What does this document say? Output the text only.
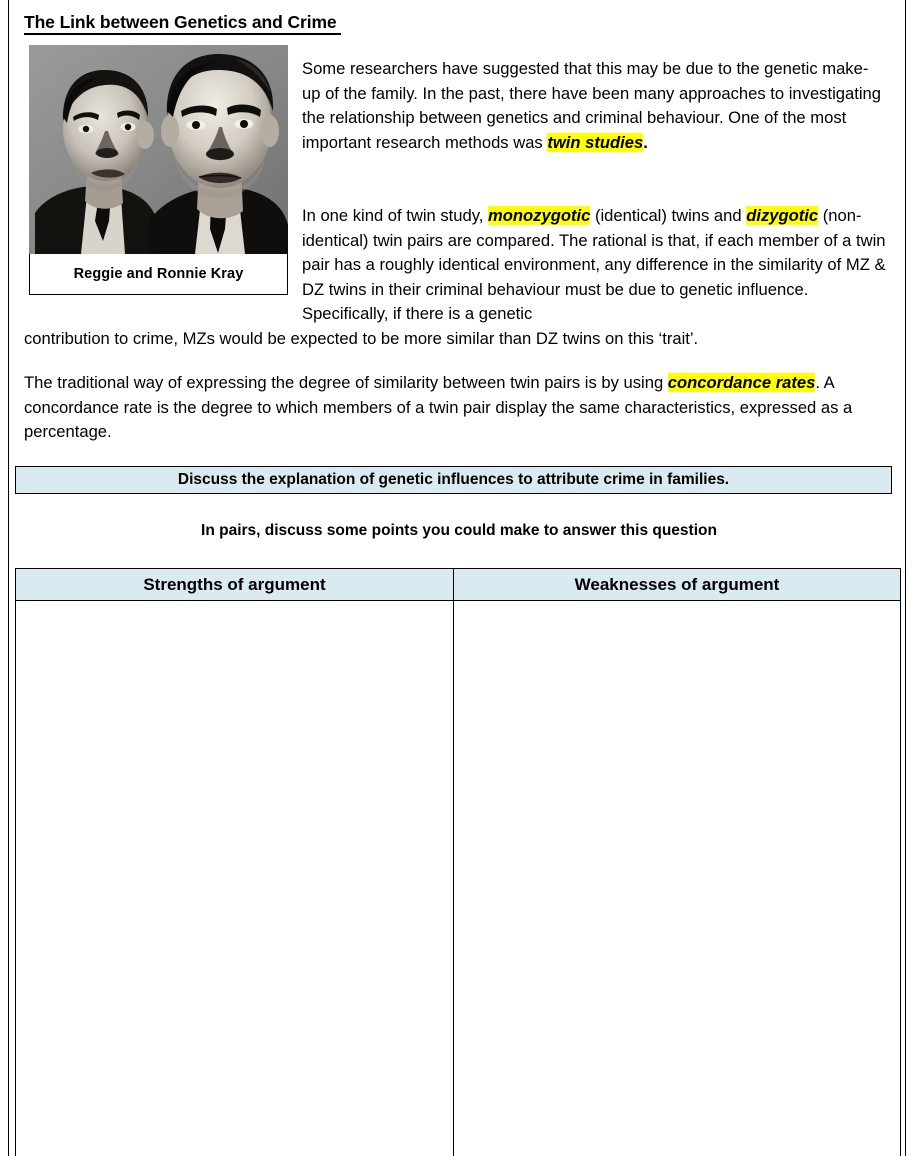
The Link between Genetics and Crime
Reggie and Ronnie Kray
Some researchers have suggested that this may be due to the genetic make-up of the family. In the past, there have been many approaches to investigating the relationship between genetics and criminal behaviour. One of the most important research methods was twin studies.
In one kind of twin study, monozygotic (identical) twins and dizygotic (non-identical) twin pairs are compared. The rational is that, if each member of a twin pair has a roughly identical environment, any difference in the similarity of MZ & DZ twins in their criminal behaviour must be due to genetic influence. Specifically, if there is a genetic
contribution to crime, MZs would be expected to be more similar than DZ twins on this ‘trait’.
The traditional way of expressing the degree of similarity between twin pairs is by using concordance rates. A concordance rate is the degree to which members of a twin pair display the same characteristics, expressed as a percentage.
Discuss the explanation of genetic influences to attribute crime in families.
In pairs, discuss some points you could make to answer this question
Strengths of argument	Weaknesses of argument
